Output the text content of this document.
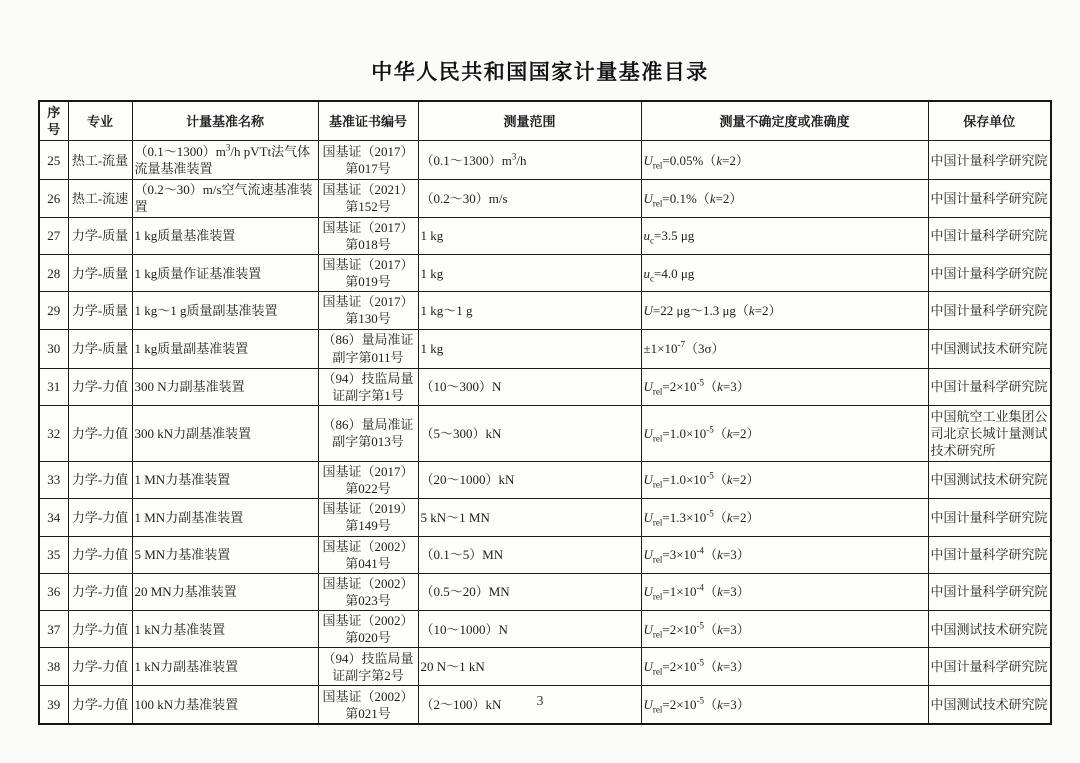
中华人民共和国国家计量基准目录
序号	专业	计量基准名称	基准证书编号	测量范围	测量不确定度或准确度	保存单位
25	热工-流量	$(0.1\sim 1300)m^3/h$ pVTt法气体流量基准装置	国基证（2017）第017号	$(0.1\sim 1300)m^3/h$	$U_{rel}=0.05\%(k=2)$	中国计量科学研究院
26	热工-流速	（0.2～30）m/s空气流速基准装置	国基证（2021）第152号	（0.2～30）m/s	$U_{rel}=0.1\%(k=2)$	中国计量科学研究院
27	力学-质量	1 kg质量基准装置	国基证（2017）第018号	1 kg	$u_c=3.5$ μg	中国计量科学研究院
28	力学-质量	1 kg质量作证基准装置	国基证（2017）第019号	1 kg	$u_c=4.0$ μg	中国计量科学研究院
29	力学-质量	1 kg～1 g质量副基准装置	国基证（2017）第130号	1 kg～1 g	U=22 μg～1.3 μg（k=2）	中国计量科学研究院
30	力学-质量	1 kg质量副基准装置	（86）量局准证副字第011号	1 kg	$\pm 1\times 10^{-7}(3\sigma)$	中国测试技术研究院
31	力学-力值	300 N力副基准装置	（94）技监局量证副字第1号	（10～300）N	$U_{rel}=2\times 10^{-5}(k=3)$	中国计量科学研究院
32	力学-力值	300 kN力副基准装置	（86）量局准证副字第013号	（5～300）kN	$U_{rel}=1.0\times 10^{-5}(k=2)$	中国航空工业集团公司北京长城计量测试技术研究所
33	力学-力值	1 MN力基准装置	国基证（2017）第022号	（20～1000）kN	$U_{rel}=1.0\times 10^{-5}(k=2)$	中国测试技术研究院
34	力学-力值	1 MN力副基准装置	国基证（2019）第149号	5 kN～1 MN	$U_{rel}=1.3\times 10^{-5}(k=2)$	中国计量科学研究院
35	力学-力值	5 MN力基准装置	国基证（2002）第041号	（0.1～5）MN	$U_{rel}=3\times 10^{-4}(k=3)$	中国计量科学研究院
36	力学-力值	20 MN力基准装置	国基证（2002）第023号	（0.5～20）MN	$U_{rel}=1\times 10^{-4}(k=3)$	中国计量科学研究院
37	力学-力值	1 kN力基准装置	国基证（2002）第020号	（10～1000）N	$U_{rel}=2\times 10^{-5}(k=3)$	中国测试技术研究院
38	力学-力值	1 kN力副基准装置	（94）技监局量证副字第2号	20 N～1 kN	$U_{rel}=2\times 10^{-5}(k=3)$	中国计量科学研究院
39	力学-力值	100 kN力基准装置	国基证（2002）第021号	（2～100）kN	$U_{rel}=2\times 10^{-5}(k=3)$	中国测试技术研究院
3
